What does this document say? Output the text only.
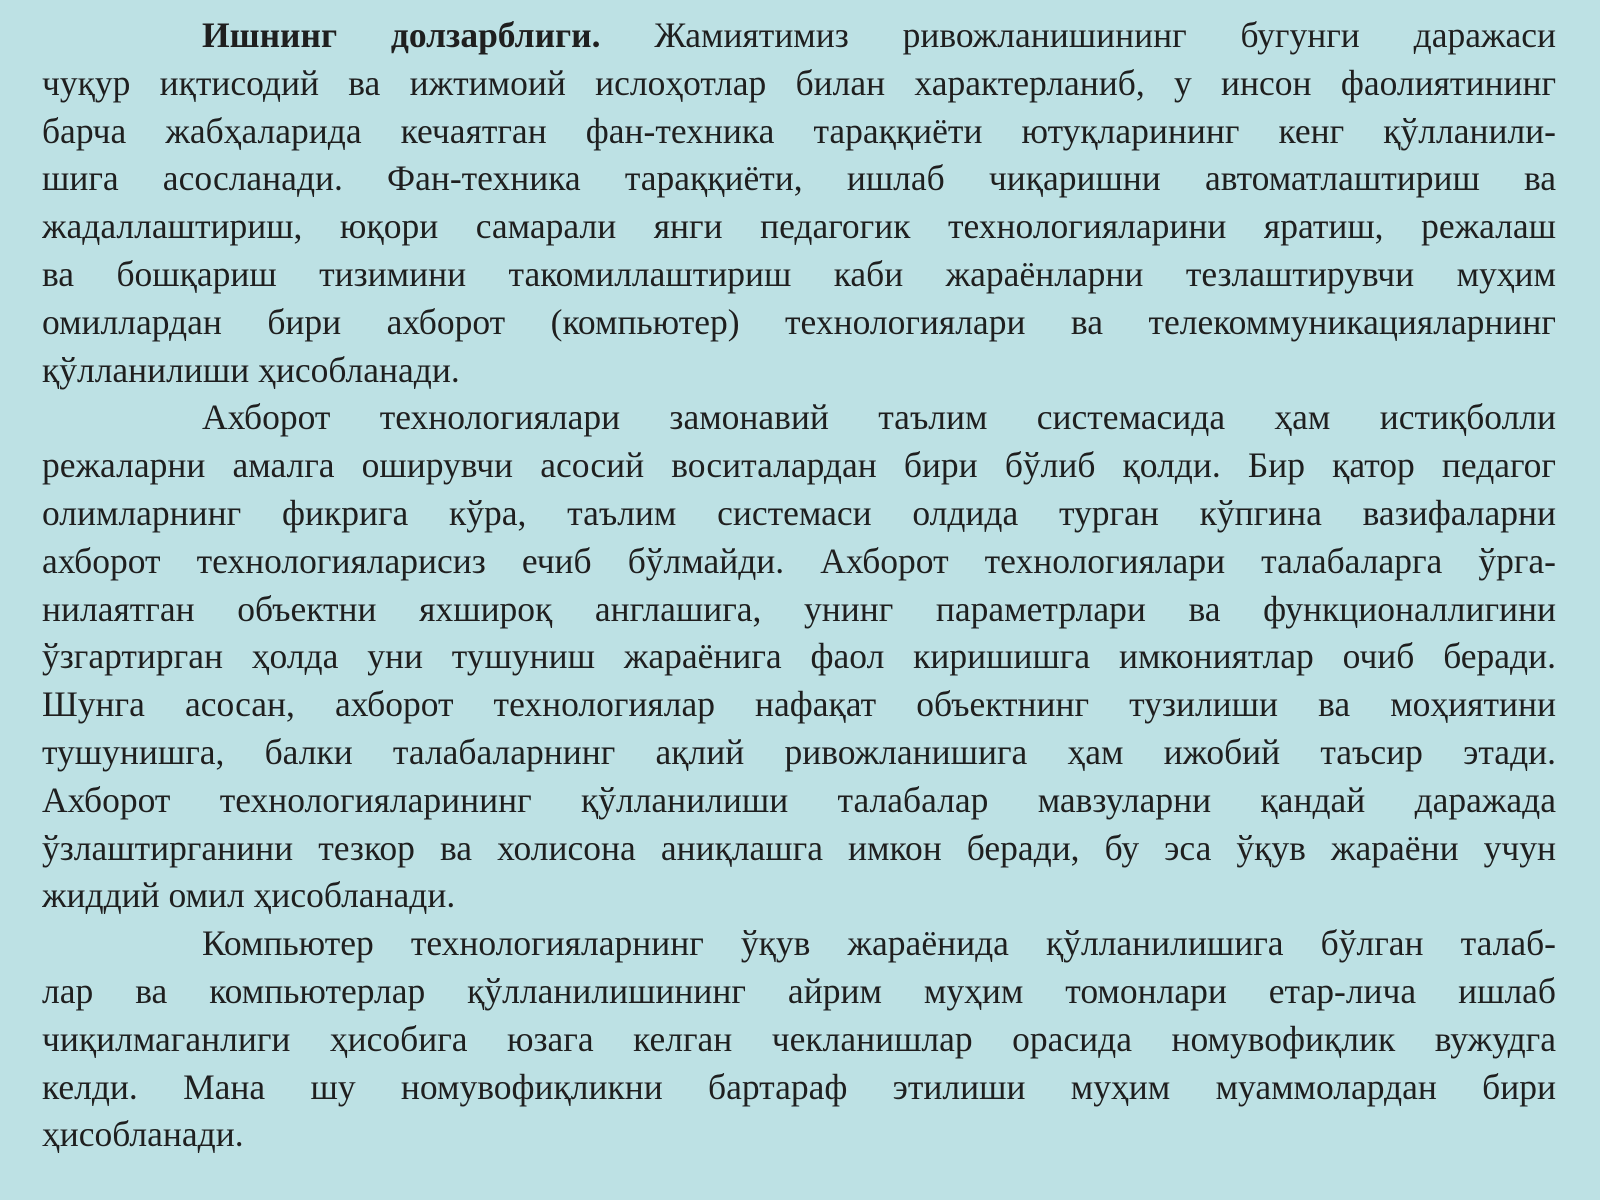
Ишнинг долзарблиги. Жамиятимиз ривожланишининг бугунги даражаси
чуқур иқтисодий ва ижтимоий ислоҳотлар билан характерланиб, у инсон фаолиятининг
барча жабҳаларида кечаятган фан-техника тараққиёти ютуқларининг кенг қўлланили-
шига асосланади. Фан-техника тараққиёти, ишлаб чиқаришни автоматлаштириш ва
жадаллаштириш, юқори самарали янги педагогик технологияларини яратиш, режалаш
ва бошқариш тизимини такомиллаштириш каби жараёнларни тезлаштирувчи муҳим
омиллардан бири ахборот (компьютер) технологиялари ва телекоммуникацияларнинг
қўлланилиши ҳисобланади.
Ахборот технологиялари замонавий таълим системасида ҳам истиқболли
режаларни амалга оширувчи асосий воситалардан бири бўлиб қолди. Бир қатор педагог
олимларнинг фикрига кўра, таълим системаси олдида турган кўпгина вазифаларни
ахборот технологияларисиз ечиб бўлмайди. Ахборот технологиялари талабаларга ўрга-
нилаятган объектни яхшироқ англашига, унинг параметрлари ва функционаллигини
ўзгартирган ҳолда уни тушуниш жараёнига фаол киришишга имкониятлар очиб беради.
Шунга асосан, ахборот технологиялар нафақат объектнинг тузилиши ва моҳиятини
тушунишга, балки талабаларнинг ақлий ривожланишига ҳам ижобий таъсир этади.
Ахборот технологияларининг қўлланилиши талабалар мавзуларни қандай даражада
ўзлаштирганини тезкор ва холисона аниқлашга имкон беради, бу эса ўқув жараёни учун
жиддий омил ҳисобланади.
Компьютер технологияларнинг ўқув жараёнида қўлланилишига бўлган талаб-
лар ва компьютерлар қўлланилишининг айрим муҳим томонлари етар-лича ишлаб
чиқилмаганлиги ҳисобига юзага келган чекланишлар орасида номувофиқлик вужудга
келди. Мана шу номувофиқликни бартараф этилиши муҳим муаммолардан бири
ҳисобланади.
